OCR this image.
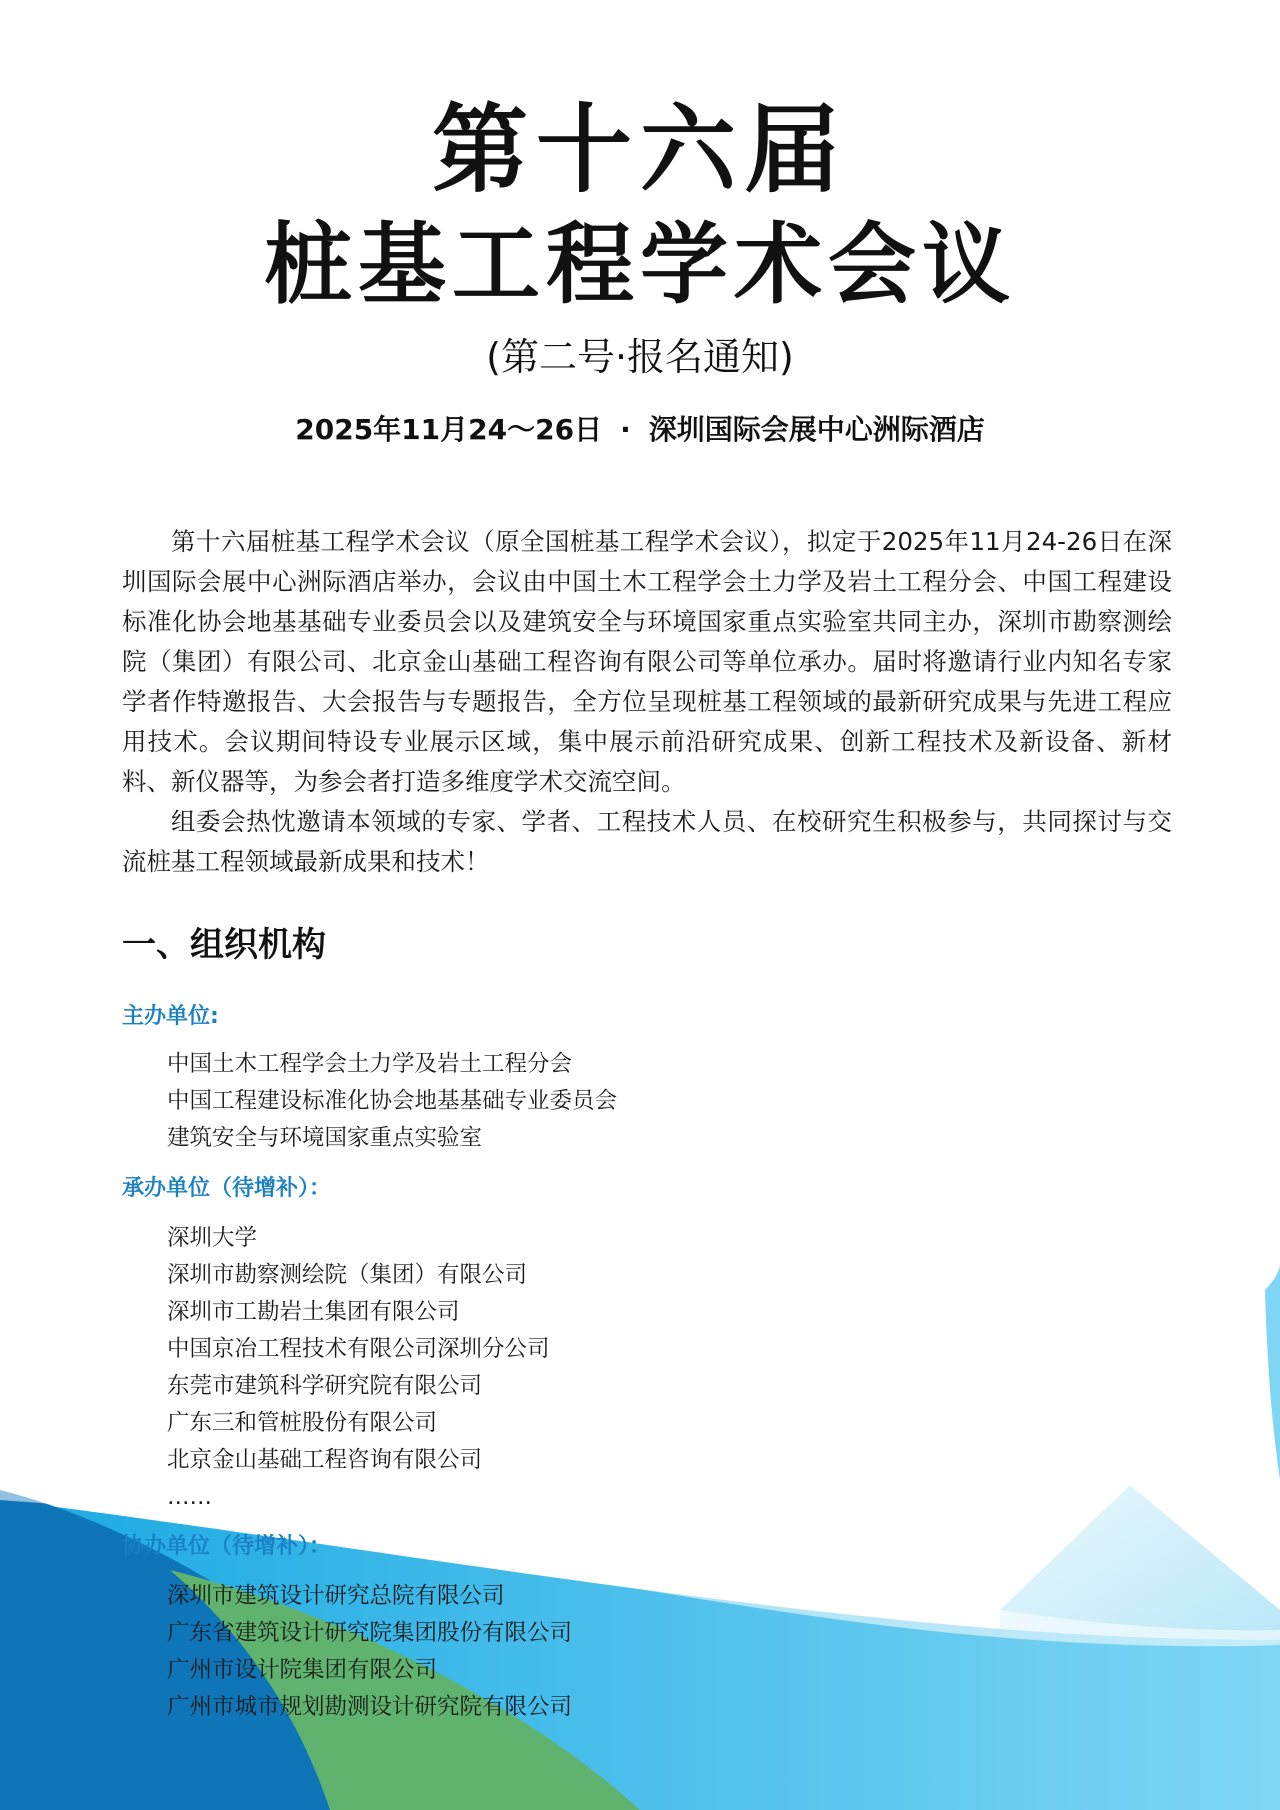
第十六届
桩基工程学术会议
(第二号·报名通知)
2025年11月24～26日 · 深圳国际会展中心洲际酒店

第十六届桩基工程学术会议（原全国桩基工程学术会议），拟定于2025年11月24-26日在深圳国际会展中心洲际酒店举办，会议由中国土木工程学会土力学及岩土工程分会、中国工程建设标准化协会地基基础专业委员会以及建筑安全与环境国家重点实验室共同主办，深圳市勘察测绘院（集团）有限公司、北京金山基础工程咨询有限公司等单位承办。届时将邀请行业内知名专家学者作特邀报告、大会报告与专题报告，全方位呈现桩基工程领域的最新研究成果与先进工程应用技术。会议期间特设专业展示区域，集中展示前沿研究成果、创新工程技术及新设备、新材料、新仪器等，为参会者打造多维度学术交流空间。

组委会热忱邀请本领域的专家、学者、工程技术人员、在校研究生积极参与，共同探讨与交流桩基工程领域最新成果和技术！

一、组织机构
主办单位:
中国土木工程学会土力学及岩土工程分会
中国工程建设标准化协会地基基础专业委员会
建筑安全与环境国家重点实验室
承办单位（待增补）：
深圳大学
深圳市勘察测绘院（集团）有限公司
深圳市工勘岩土集团有限公司
中国京冶工程技术有限公司深圳分公司
东莞市建筑科学研究院有限公司
广东三和管桩股份有限公司
北京金山基础工程咨询有限公司
……
协办单位（待增补）：
深圳市建筑设计研究总院有限公司
广东省建筑设计研究院集团股份有限公司
广州市设计院集团有限公司
广州市城市规划勘测设计研究院有限公司
